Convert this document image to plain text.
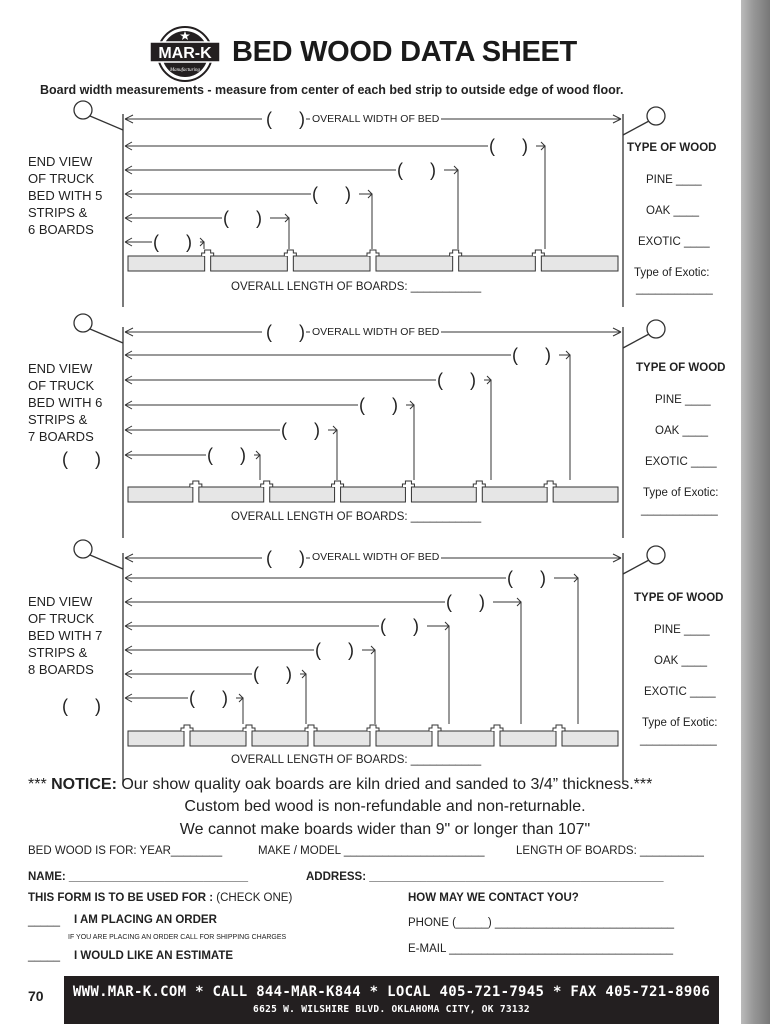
MAR-K
Manufacturing
BED WOOD DATA SHEET
Board width measurements - measure from center of each bed strip to outside edge of wood floor.
( )
( )
( )
( )
( )
( )
( )
( )
( )
( )
( )
( )
( )
( )
( )
( )
( )
( )
( )
( )
( )
END VIEW
OF TRUCK
BED WITH 5
STRIPS &
6 BOARDS
OVERALL WIDTH OF BED
OVERALL LENGTH OF BOARDS: ___________
TYPE OF WOOD
PINE ____
OAK ____
EXOTIC ____
Type of Exotic:
____________
END VIEW
OF TRUCK
BED WITH 6
STRIPS &
7 BOARDS
OVERALL WIDTH OF BED
OVERALL LENGTH OF BOARDS: ___________
TYPE OF WOOD
PINE ____
OAK ____
EXOTIC ____
Type of Exotic:
____________
END VIEW
OF TRUCK
BED WITH 7
STRIPS &
8 BOARDS
OVERALL WIDTH OF BED
OVERALL LENGTH OF BOARDS: ___________
TYPE OF WOOD
PINE ____
OAK ____
EXOTIC ____
Type of Exotic:
____________
*** NOTICE: Our show quality oak boards are kiln dried and sanded to 3/4” thickness.***
Custom bed wood is non-refundable and non-returnable.
We cannot make boards wider than 9" or longer than 107"
BED WOOD IS FOR: YEAR________	MAKE / MODEL ______________________	LENGTH OF BOARDS: __________
NAME: ____________________________	ADDRESS: ______________________________________________
THIS FORM IS TO BE USED FOR : (CHECK ONE)	HOW MAY WE CONTACT YOU?
_____ I AM PLACING AN ORDER
IF YOU ARE PLACING AN ORDER CALL FOR SHIPPING CHARGES
PHONE (_____) ____________________________
E-MAIL ___________________________________
_____ I WOULD LIKE AN ESTIMATE
70	WWW.MAR-K.COM * CALL 844-MAR-K844 * LOCAL 405-721-7945 * FAX 405-721-8906
6625 W. WILSHIRE BLVD. OKLAHOMA CITY, OK 73132
